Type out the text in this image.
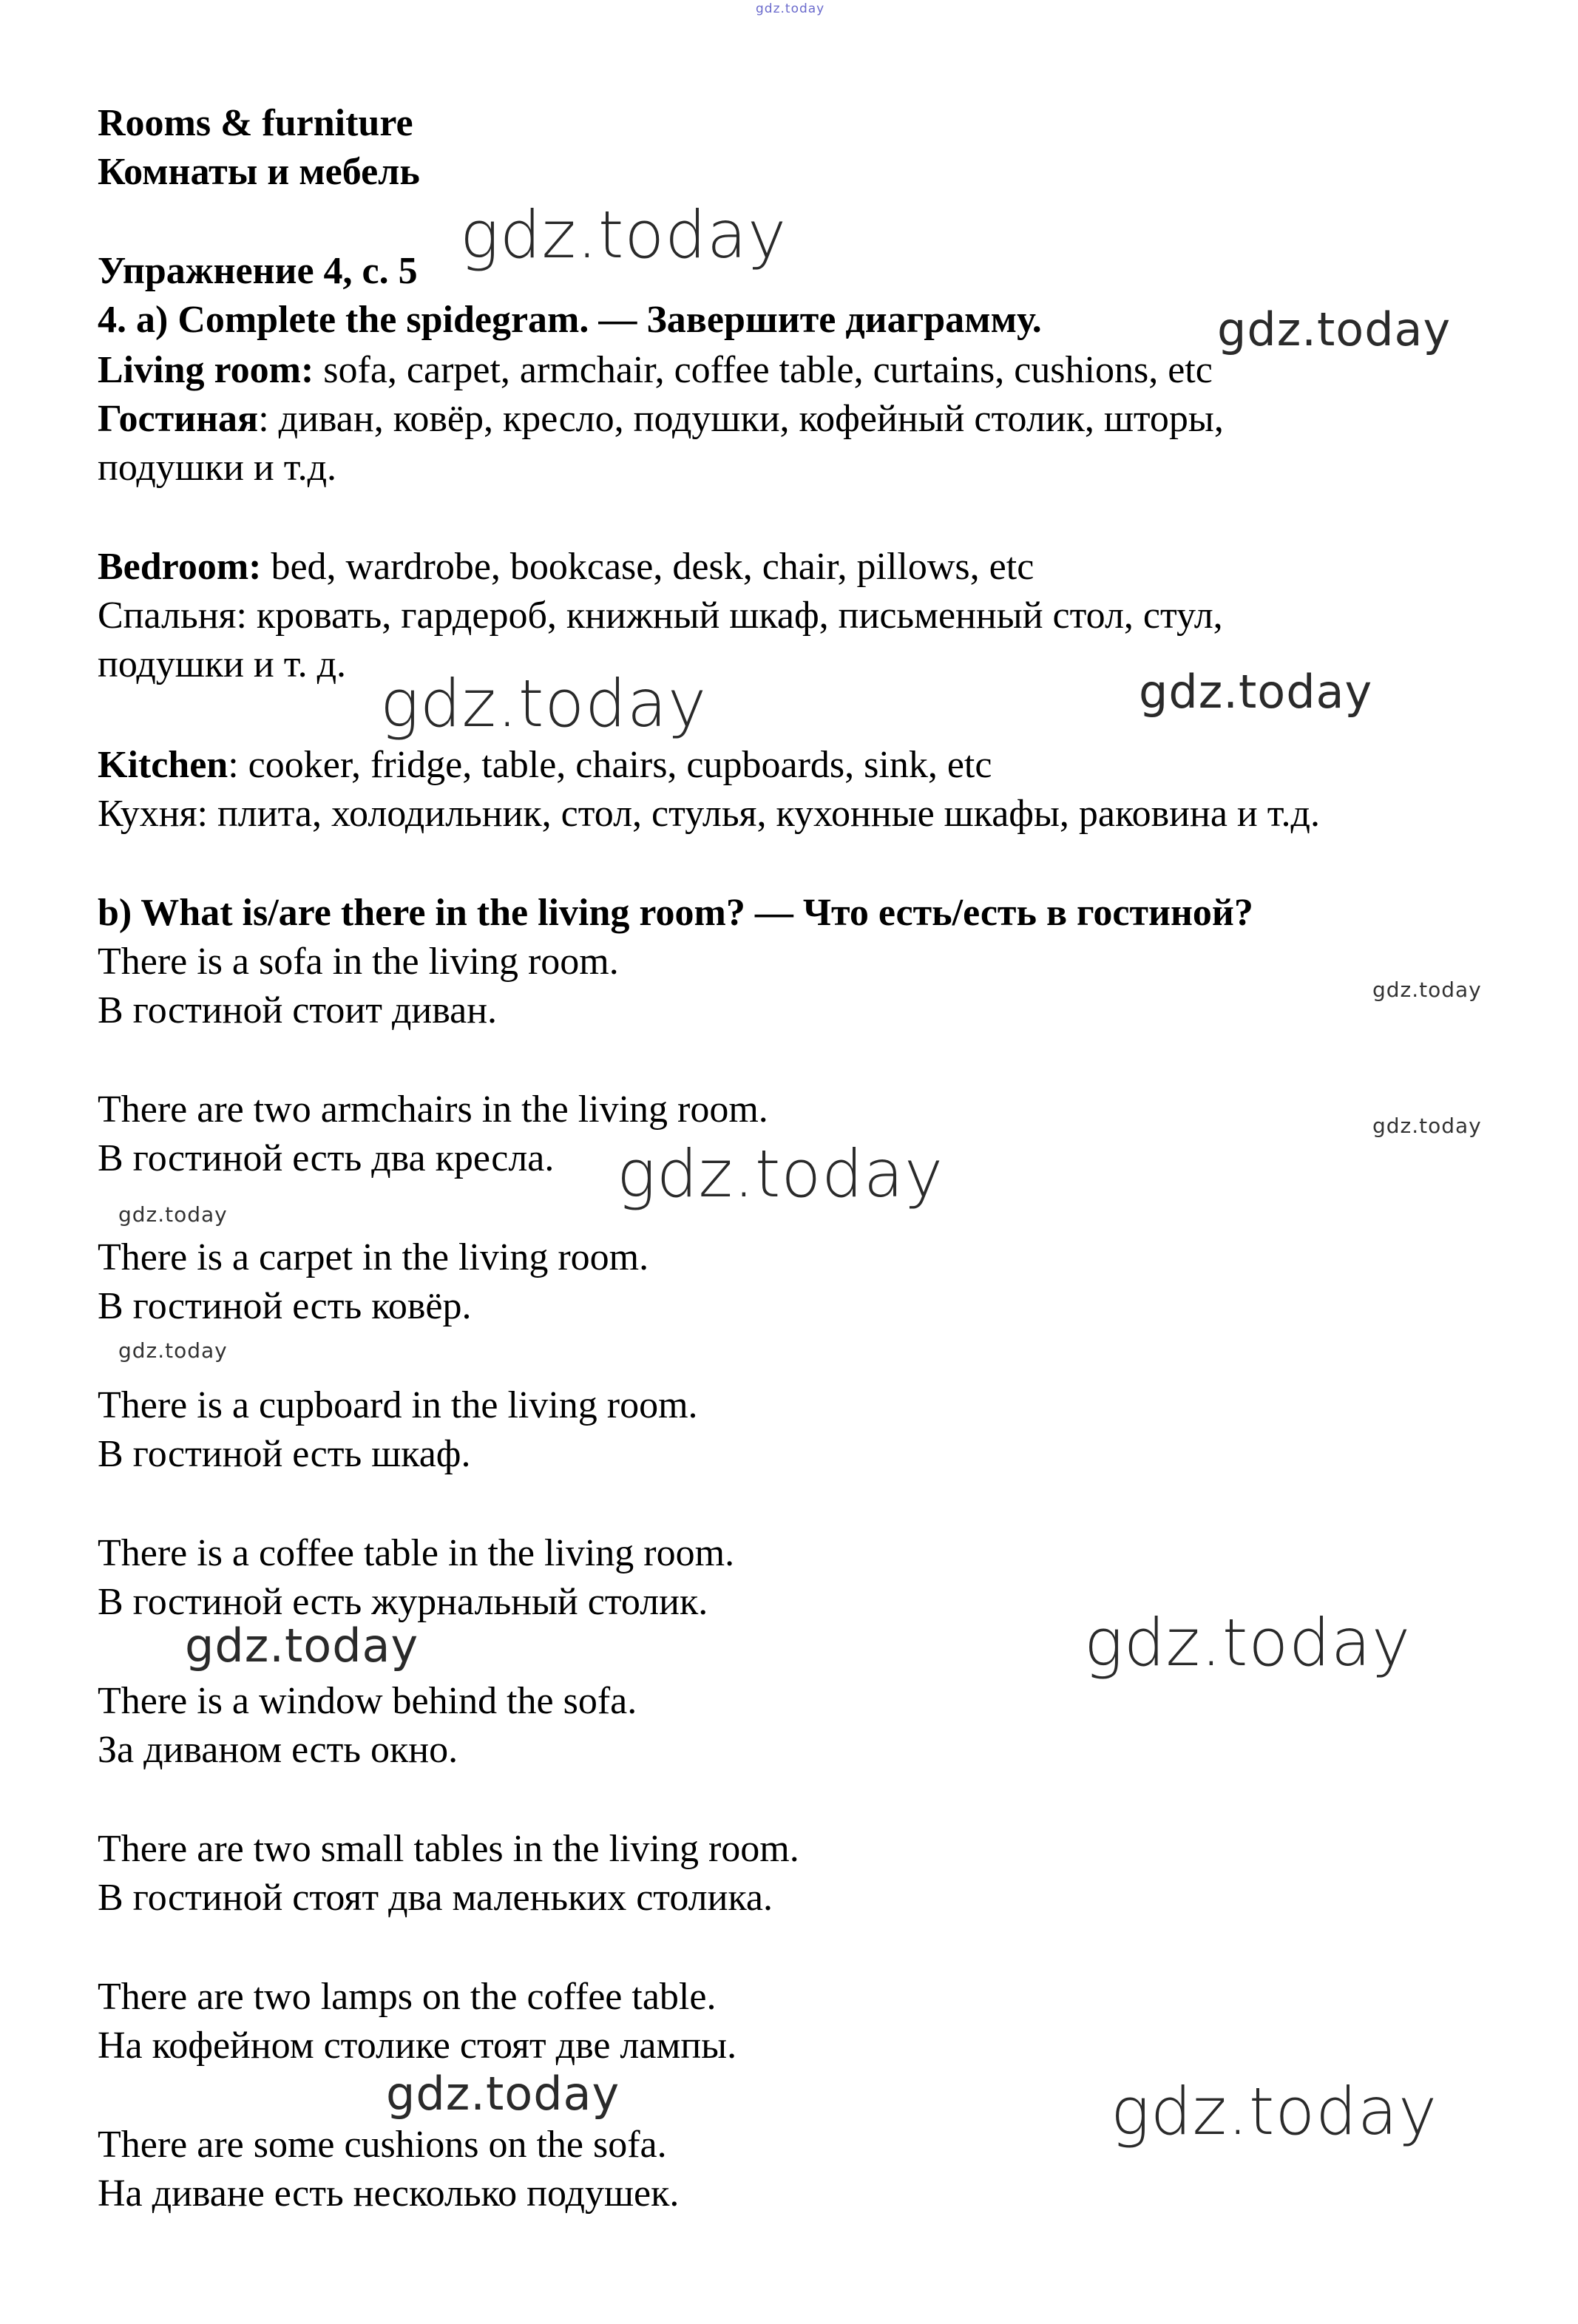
Rooms & furniture
Комнаты и мебель
Упражнение 4, с. 5
4. a) Complete the spidegram. — Завершите диаграмму.
Living room: sofa, carpet, armchair, coffee table, curtains, cushions, etc
Гостиная: диван, ковёр, кресло, подушки, кофейный столик, шторы,
подушки и т.д.
Bedroom: bed, wardrobe, bookcase, desk, chair, pillows, etc
Спальня: кровать, гардероб, книжный шкаф, письменный стол, стул,
подушки и т. д.
Kitchen: cooker, fridge, table, chairs, cupboards, sink, etc
Кухня: плита, холодильник, стол, стулья, кухонные шкафы, раковина и т.д.
b) What is/are there in the living room? — Что есть/есть в гостиной?
There is a sofa in the living room.
В гостиной стоит диван.
There are two armchairs in the living room.
В гостиной есть два кресла.
There is a carpet in the living room.
В гостиной есть ковёр.
There is a cupboard in the living room.
В гостиной есть шкаф.
There is a coffee table in the living room.
В гостиной есть журнальный столик.
There is a window behind the sofa.
За диваном есть окно.
There are two small tables in the living room.
В гостиной стоят два маленьких столика.
There are two lamps on the coffee table.
На кофейном столике стоят две лампы.
There are some cushions on the sofa.
На диване есть несколько подушек.
gdz.today
gdz.today
gdz.today
gdz.today	gdz.today
gdz.today
gdz.today
gdz.today
gdz.today
gdz.today
gdz.today	gdz.today
gdz.today	gdz.today
